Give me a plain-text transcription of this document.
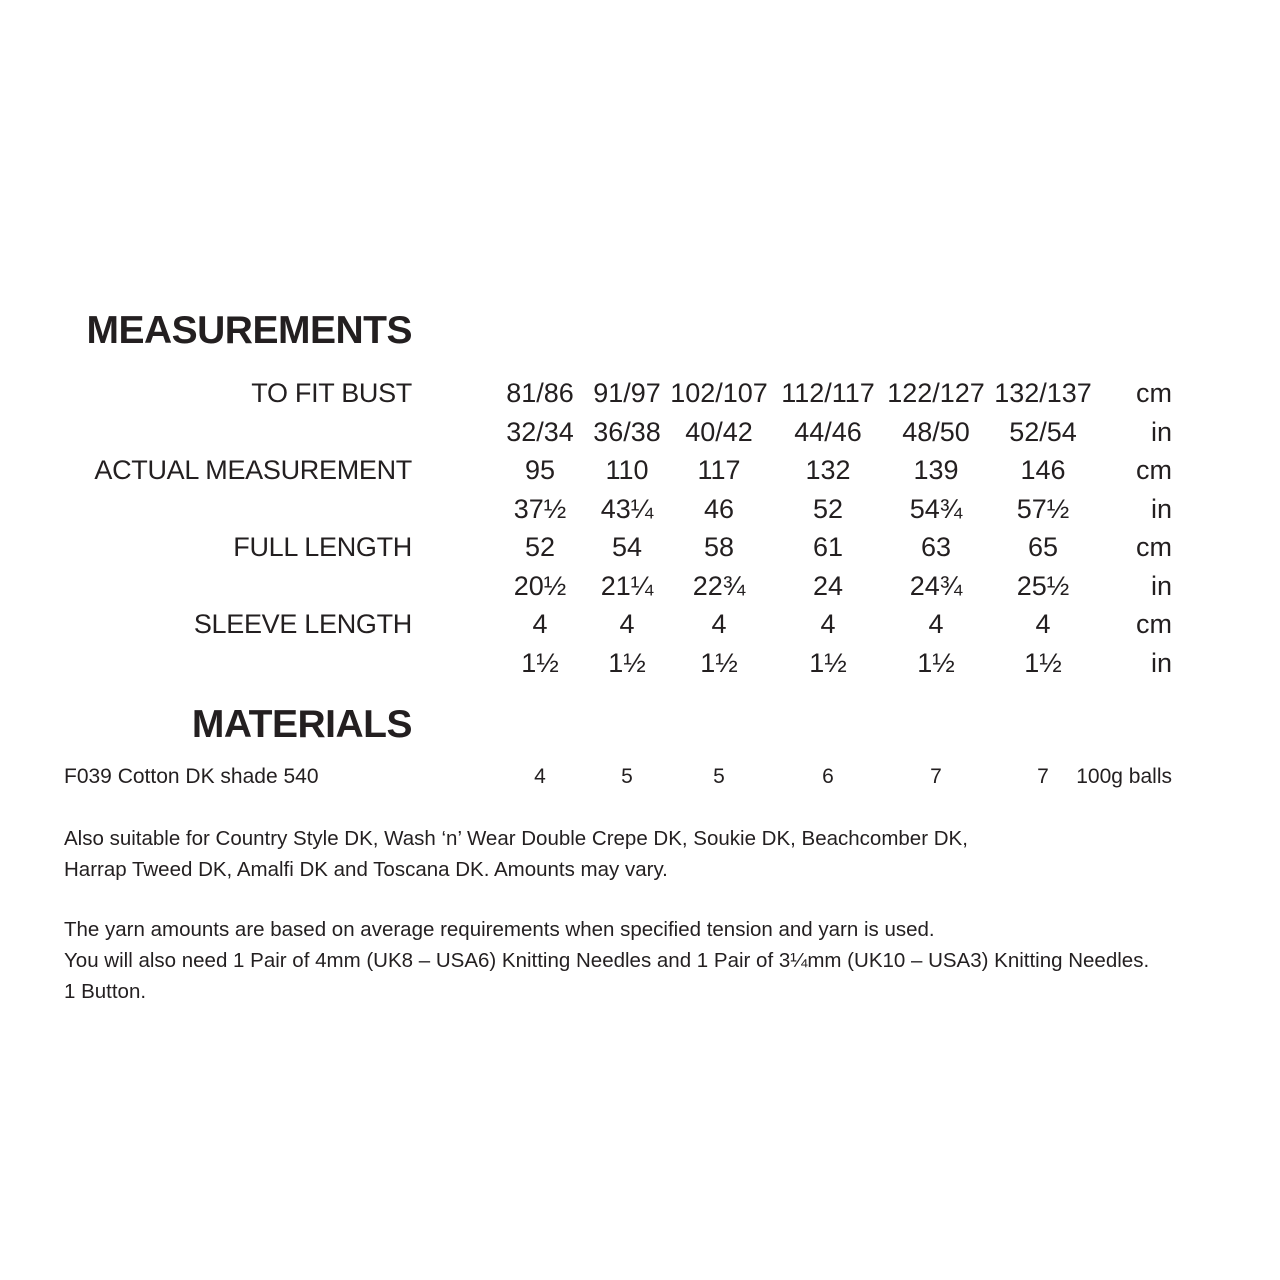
MEASUREMENTS
TO FIT BUST	81/86 91/97 102/107 112/117 122/127 132/137 cm
32/34 36/38 40/42	44/46	48/50	52/54	in
ACTUAL MEASUREMENT	95	110	117	132	139	146	cm
37½	43¼	46	52	54¾	57½	in
FULL LENGTH	52	54	58	61	63	65	cm
20½	21¼	22¾	24	24¾	25½	in
SLEEVE LENGTH	4	4	4	4	4	4	cm
1½	1½	1½	1½	1½	1½	in
MATERIALS
F039 Cotton DK shade 540	4	5	5	6	7	7	100g balls

Also suitable for Country Style DK, Wash ‘n’ Wear Double Crepe DK, Soukie DK, Beachcomber DK,
Harrap Tweed DK, Amalfi DK and Toscana DK. Amounts may vary.

The yarn amounts are based on average requirements when specified tension and yarn is used.
You will also need 1 Pair of 4mm (UK8 – USA6) Knitting Needles and 1 Pair of 3¼mm (UK10 – USA3) Knitting Needles.
1 Button.
